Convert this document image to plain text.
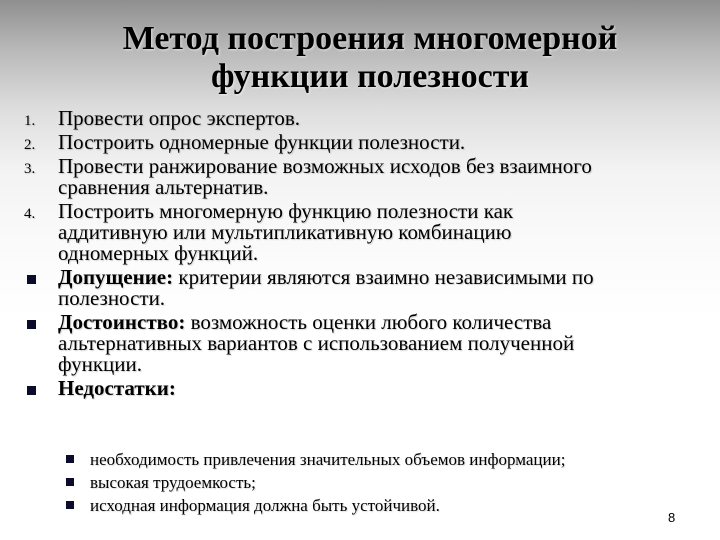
Метод построения многомерной
функции полезности
1. Провести опрос экспертов.
2. Построить одномерные функции полезности.
3. Провести ранжирование возможных исходов без взаимного
сравнения альтернатив.
4. Построить многомерную функцию полезности как
аддитивную или мультипликативную комбинацию
одномерных функций.
Допущение: критерии являются взаимно независимыми по
полезности.
Достоинство: возможность оценки любого количества
альтернативных вариантов с использованием полученной
функции.
Недостатки:
необходимость привлечения значительных объемов информации;
высокая трудоемкость;
исходная информация должна быть устойчивой.
8
